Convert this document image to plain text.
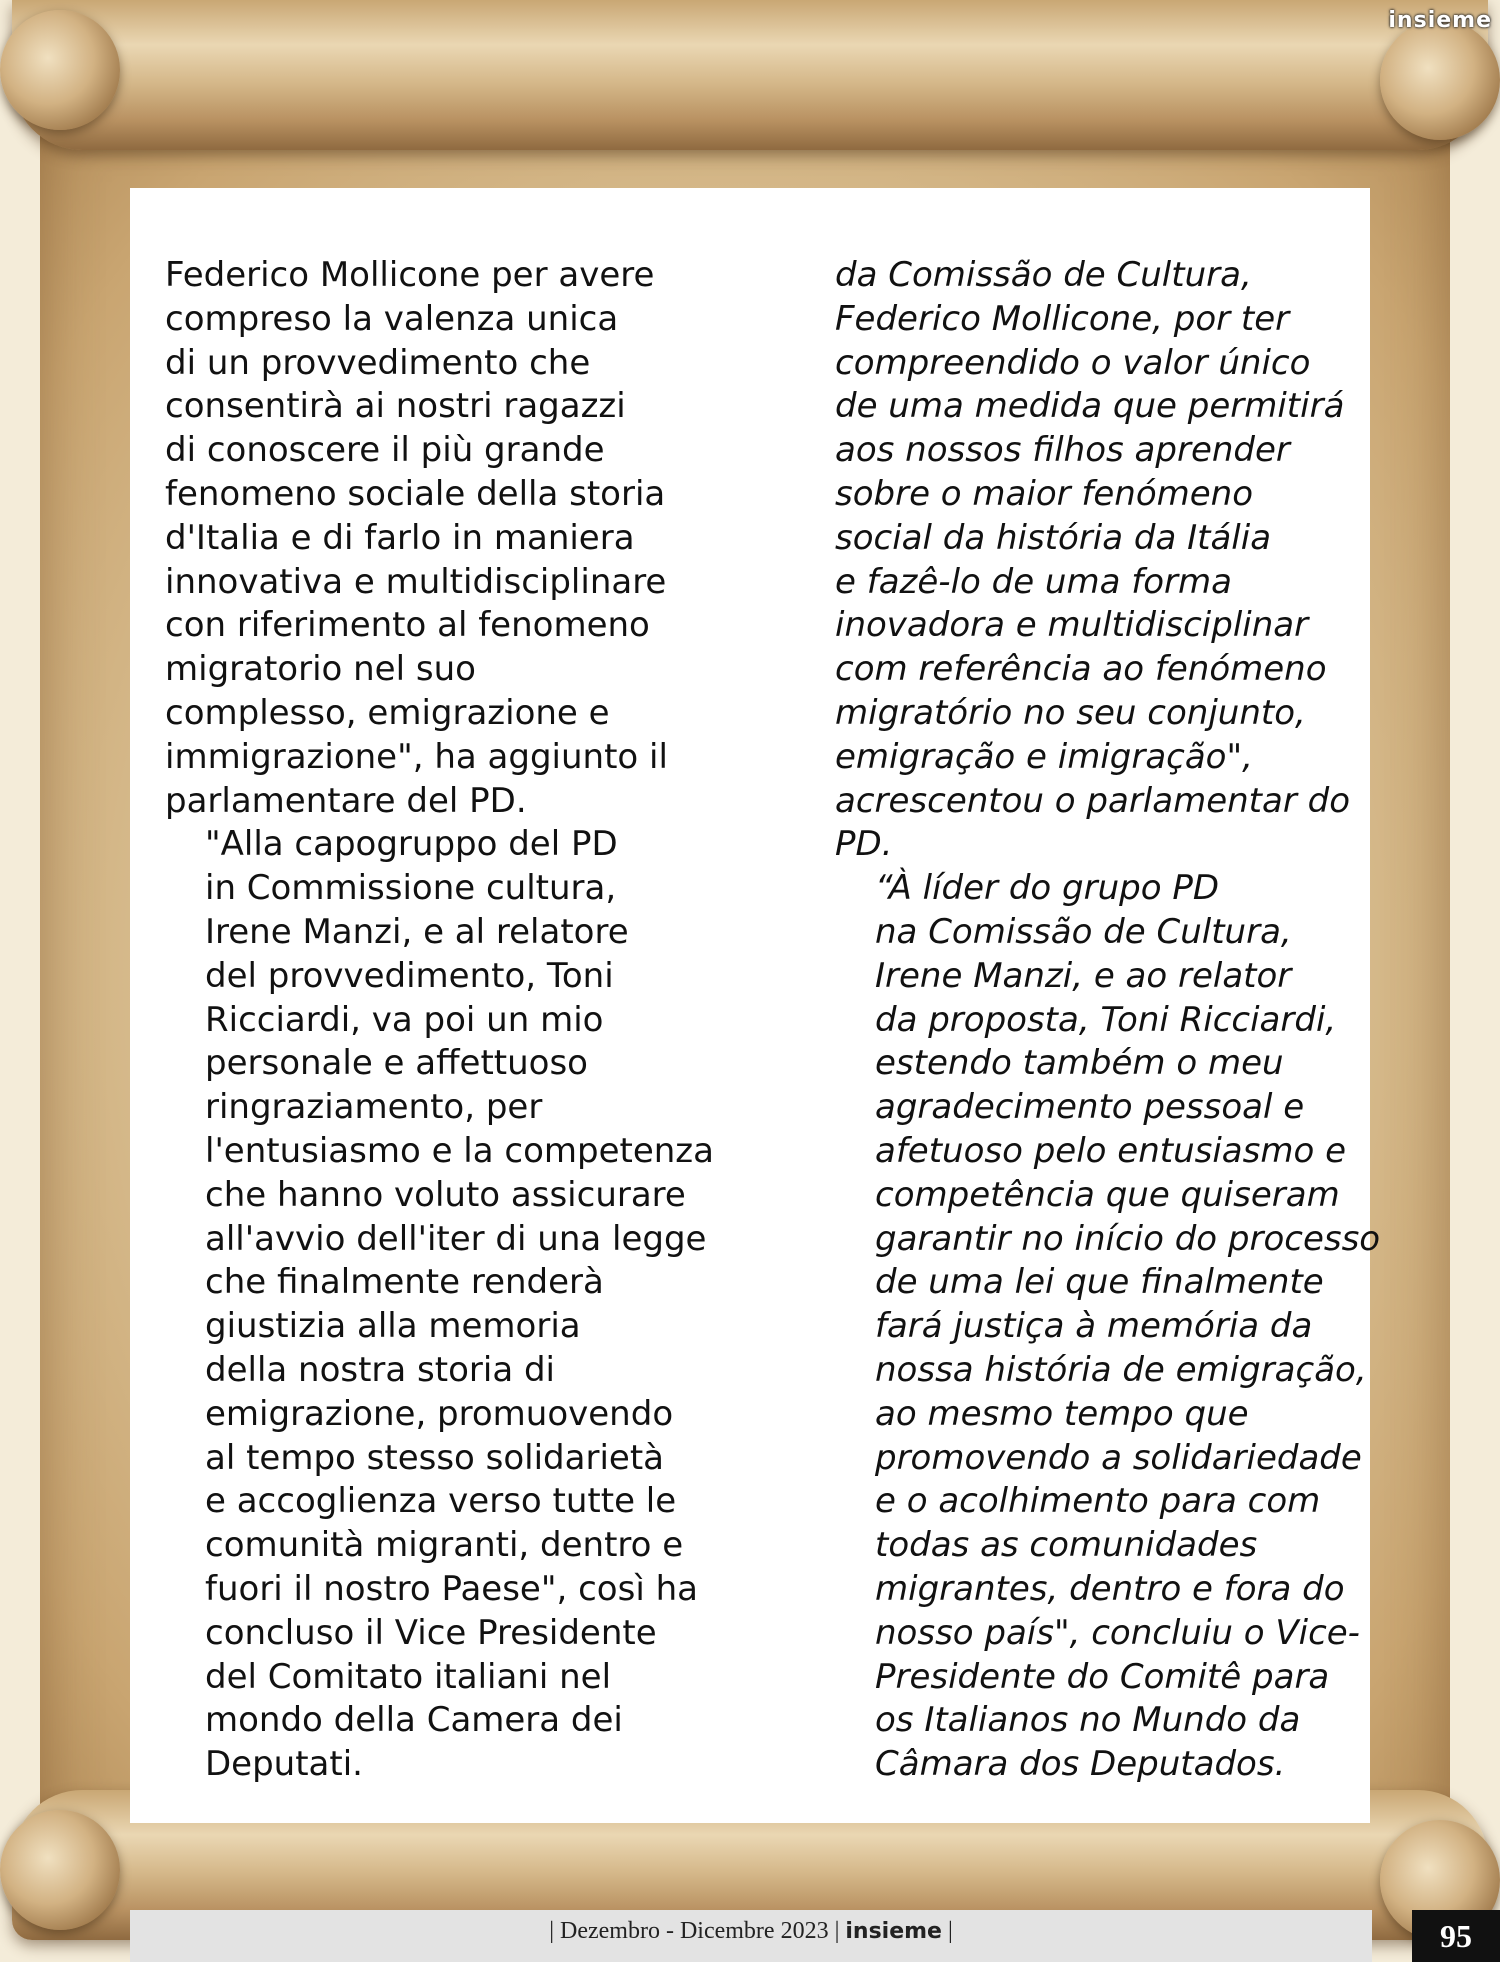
insieme

Federico Mollicone per avere
compreso la valenza unica
di un provvedimento che
consentirà ai nostri ragazzi
di conoscere il più grande
fenomeno sociale della storia
d'Italia e di farlo in maniera
innovativa e multidisciplinare
con riferimento al fenomeno
migratorio nel suo
complesso, emigrazione e
immigrazione", ha aggiunto il
parlamentare del PD.

"Alla capogruppo del PD
in Commissione cultura,
Irene Manzi, e al relatore
del provvedimento, Toni
Ricciardi, va poi un mio
personale e affettuoso
ringraziamento, per
l'entusiasmo e la competenza
che hanno voluto assicurare
all'avvio dell'iter di una legge
che finalmente renderà
giustizia alla memoria
della nostra storia di
emigrazione, promuovendo
al tempo stesso solidarietà
e accoglienza verso tutte le
comunità migranti, dentro e
fuori il nostro Paese", così ha
concluso il Vice Presidente
del Comitato italiani nel
mondo della Camera dei
Deputati.

da Comissão de Cultura,
Federico Mollicone, por ter
compreendido o valor único
de uma medida que permitirá
aos nossos filhos aprender
sobre o maior fenómeno
social da história da Itália
e fazê-lo de uma forma
inovadora e multidisciplinar
com referência ao fenómeno
migratório no seu conjunto,
emigração e imigração",
acrescentou o parlamentar do
PD.

“À líder do grupo PD
na Comissão de Cultura,
Irene Manzi, e ao relator
da proposta, Toni Ricciardi,
estendo também o meu
agradecimento pessoal e
afetuoso pelo entusiasmo e
competência que quiseram
garantir no início do processo
de uma lei que finalmente
fará justiça à memória da
nossa história de emigração,
ao mesmo tempo que
promovendo a solidariedade
e o acolhimento para com
todas as comunidades
migrantes, dentro e fora do
nosso país", concluiu o Vice-
Presidente do Comitê para
os Italianos no Mundo da
Câmara dos Deputados.

| Dezembro - Dicembre 2023 | insieme |	95
